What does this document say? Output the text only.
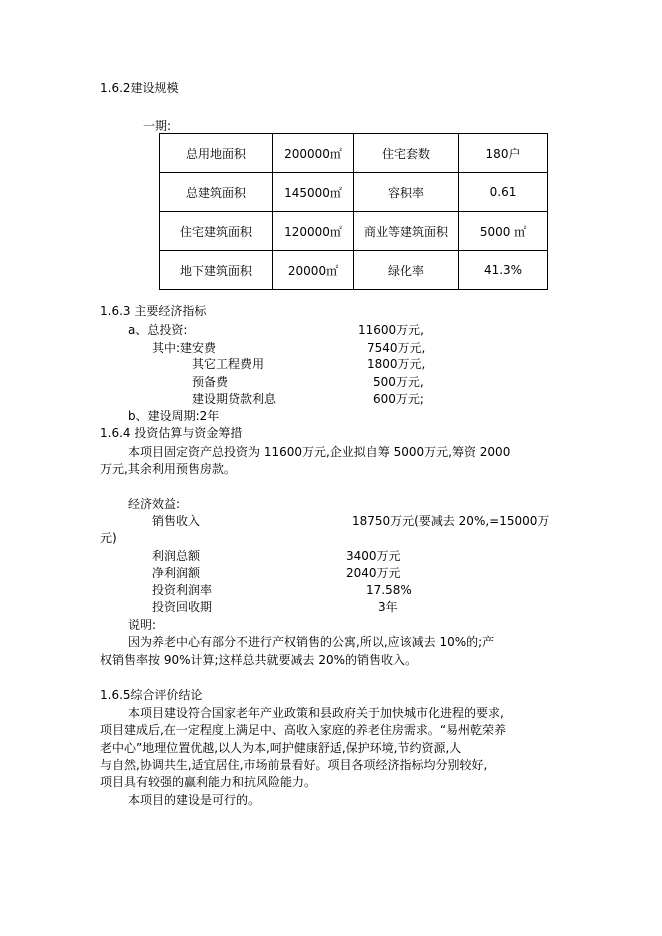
1.6.2建设规模
一期:
总用地面积	200000㎡	住宅套数	180户
总建筑面积	145000㎡	容积率	0.61
住宅建筑面积	120000㎡	商业等建筑面积	5000 ㎡
地下建筑面积	20000㎡	绿化率	41.3%
1.6.3 主要经济指标
a、总投资:	11600万元,
其中:建安费	7540万元,
其它工程费用	1800万元,
预备费	500万元,
建设期贷款利息	600万元;
b、建设周期:2年
1.6.4 投资估算与资金筹措
本项目固定资产总投资为 11600万元,企业拟自筹 5000万元,筹资 2000
万元,其余利用预售房款。
经济效益:
销售收入	18750万元(要减去 20%,=15000万
元)
利润总额	3400万元
净利润额	2040万元
投资利润率	17.58%
投资回收期	3年
说明:
因为养老中心有部分不进行产权销售的公寓,所以,应该减去 10%的;产
权销售率按 90%计算;这样总共就要减去 20%的销售收入。
1.6.5综合评价结论
本项目建设符合国家老年产业政策和县政府关于加快城市化进程的要求,
项目建成后,在一定程度上满足中、高收入家庭的养老住房需求。“易州乾荣养
老中心”地理位置优越,以人为本,呵护健康舒适,保护环境,节约资源,人
与自然,协调共生,适宜居住,市场前景看好。项目各项经济指标均分别较好,
项目具有较强的赢利能力和抗风险能力。
本项目的建设是可行的。
